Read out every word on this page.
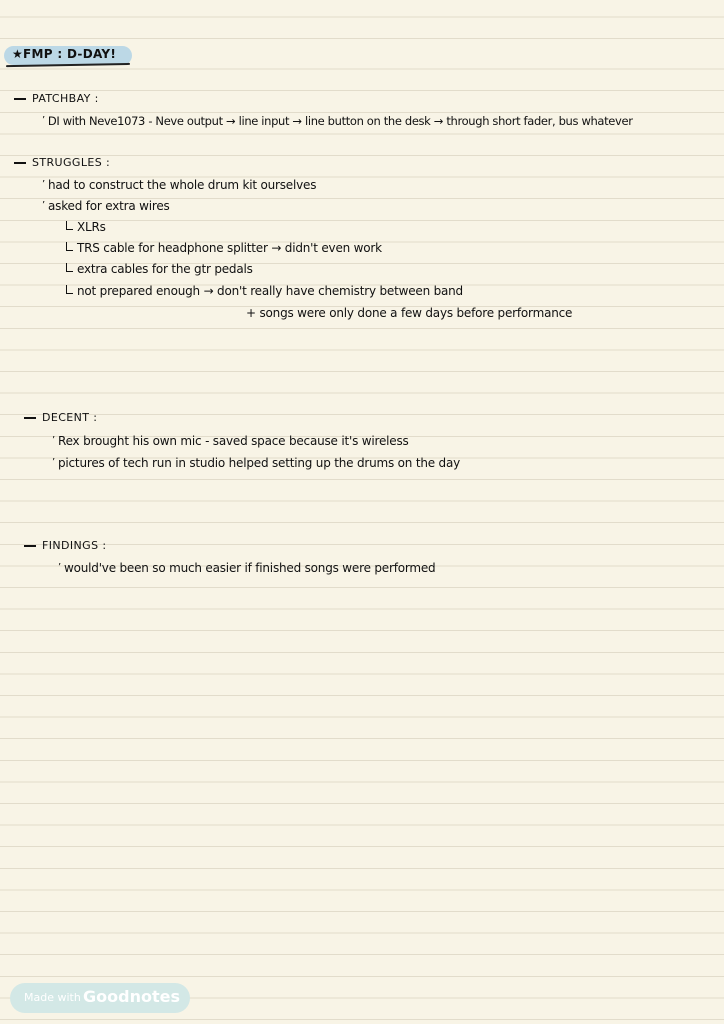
★FMP : D-DAY!
PATCHBAY :
’ DI with Neve1073 - Neve output → line input → line button on the desk → through short fader, bus whatever
STRUGGLES :
’ had to construct the whole drum kit ourselves
’ asked for extra wires
XLRs
TRS cable for headphone splitter → didn't even work
extra cables for the gtr pedals
not prepared enough → don't really have chemistry between band
+ songs were only done a few days before performance
DECENT :
’ Rex brought his own mic - saved space because it's wireless
’ pictures of tech run in studio helped setting up the drums on the day
FINDINGS :
’ would've been so much easier if finished songs were performed
Made with Goodnotes
